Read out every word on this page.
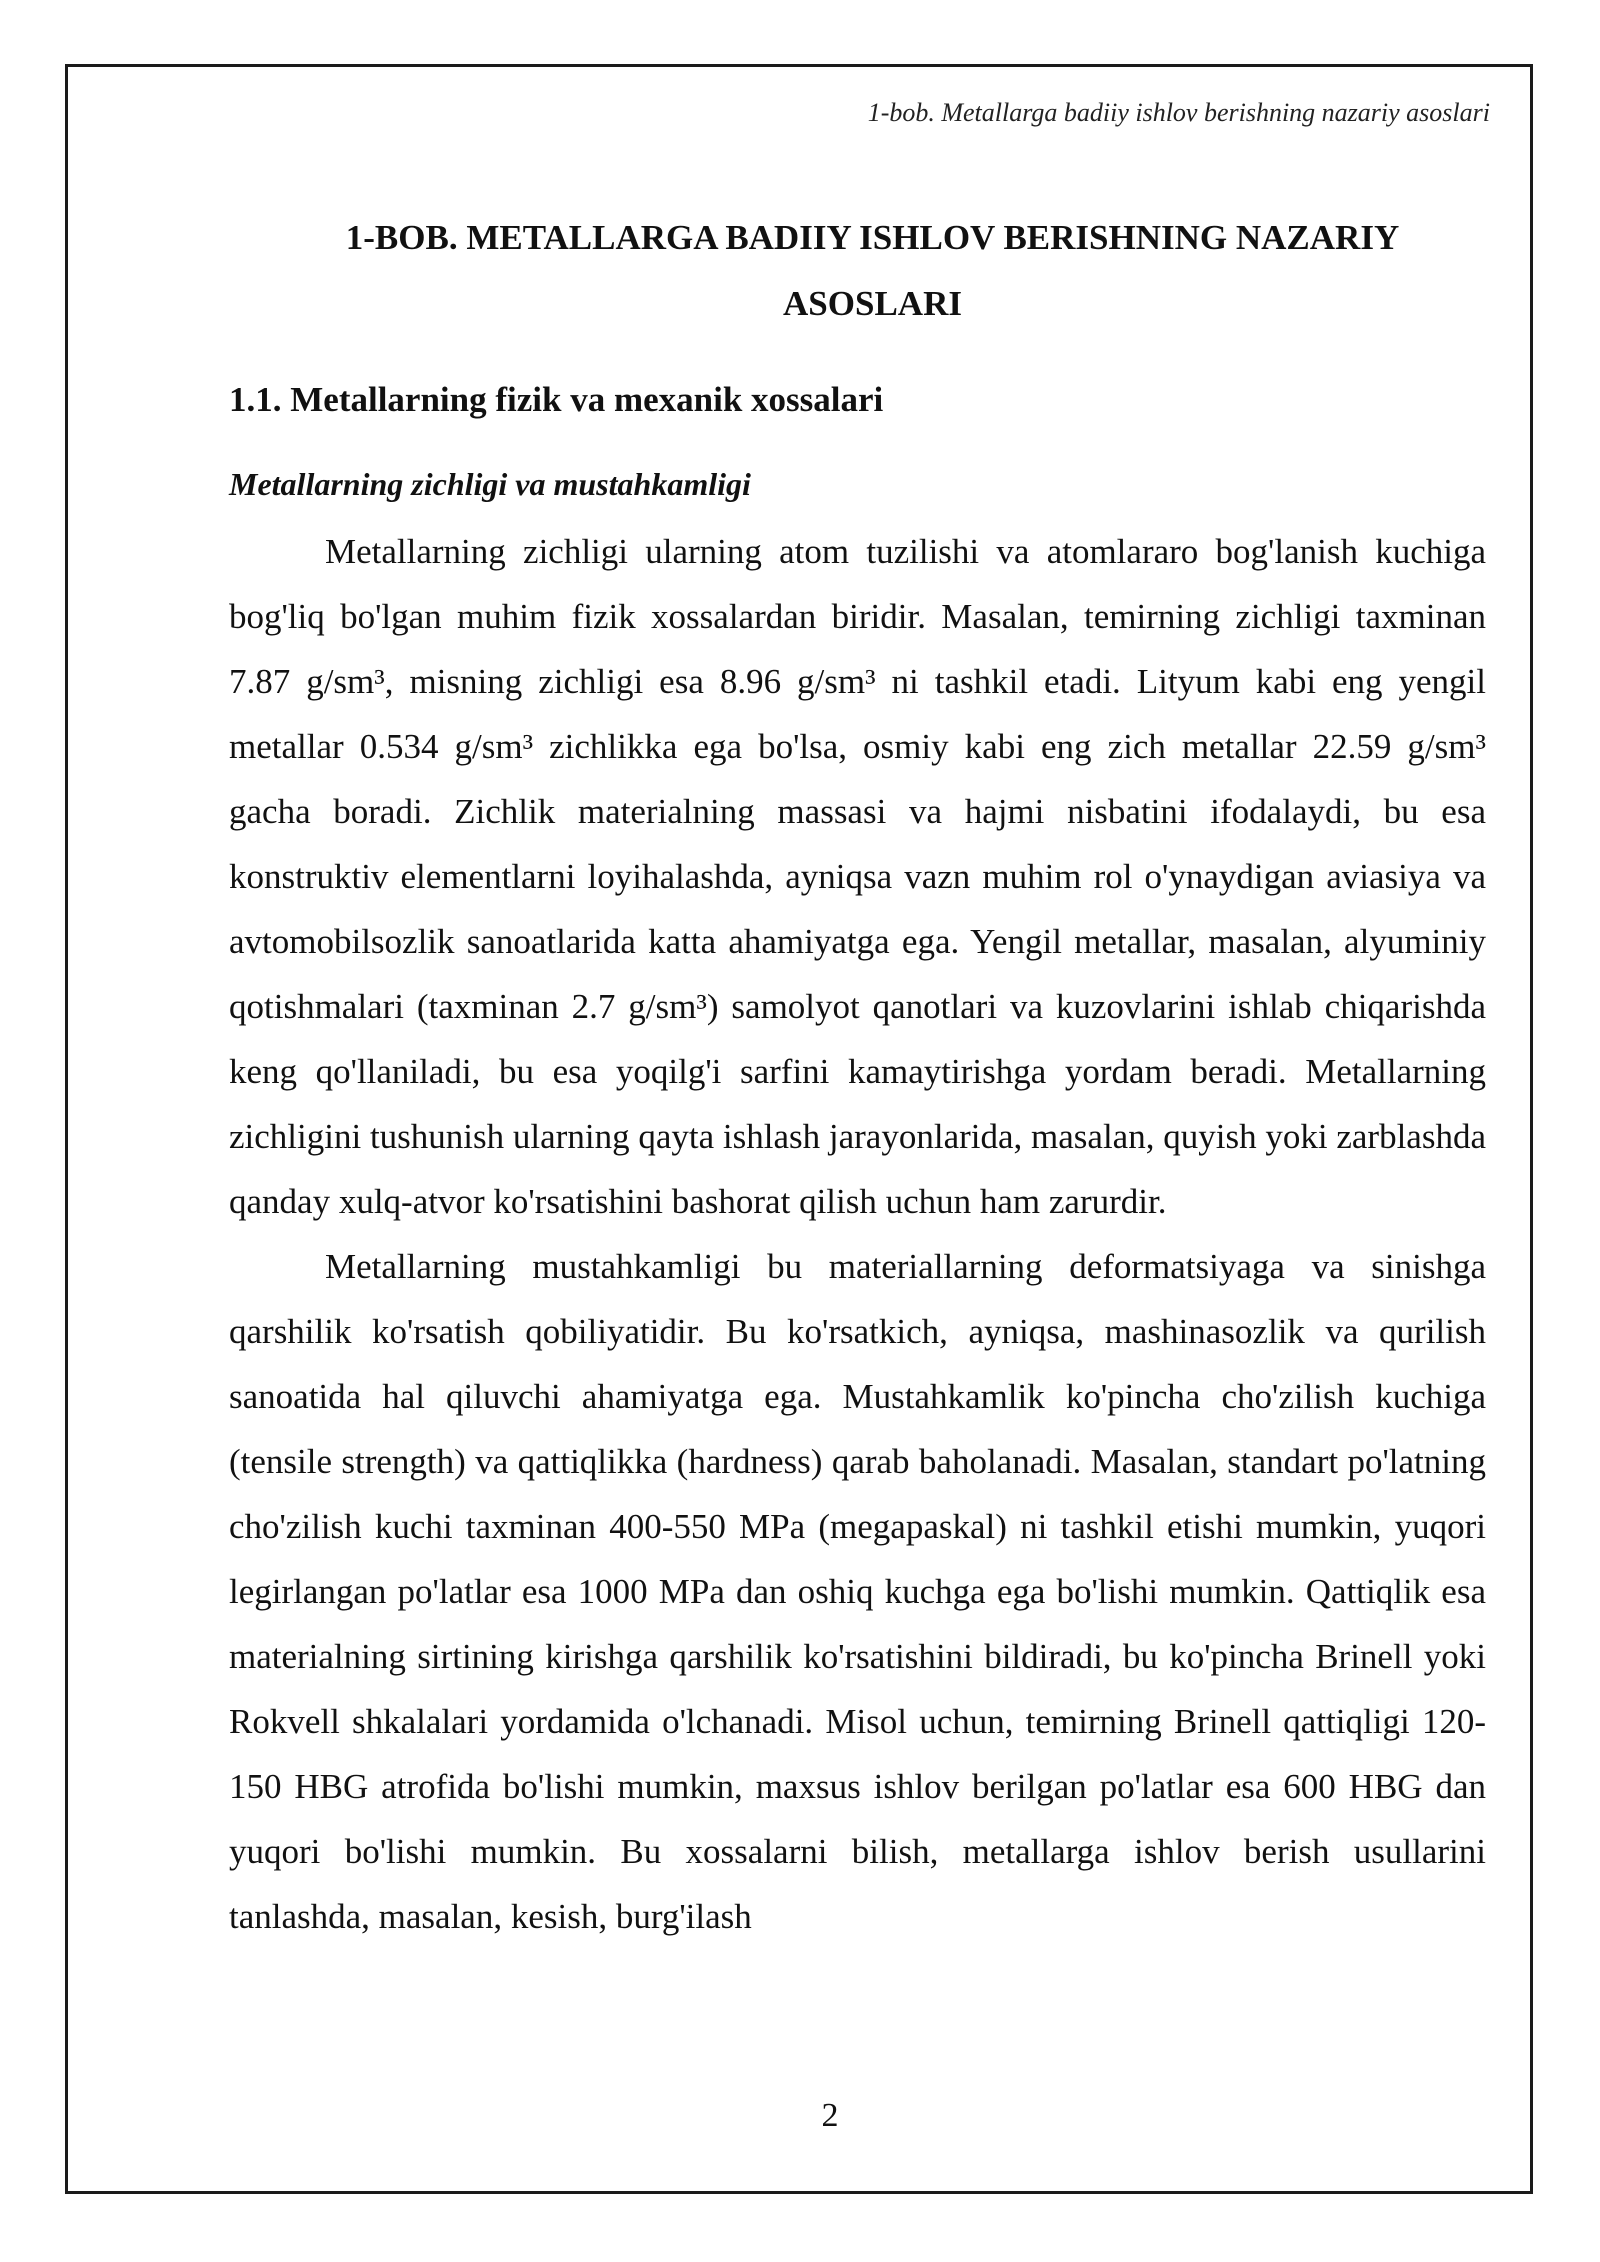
1-bob. Metallarga badiiy ishlov berishning nazariy asoslari
1-BOB. METALLARGA BADIIY ISHLOV BERISHNING NAZARIY ASOSLARI
1.1. Metallarning fizik va mexanik xossalari
Metallarning zichligi va mustahkamligi

Metallarning zichligi ularning atom tuzilishi va atomlararo bog'lanish kuchiga bog'liq bo'lgan muhim fizik xossalardan biridir. Masalan, temirning zichligi taxminan 7.87 g/sm³, misning zichligi esa 8.96 g/sm³ ni tashkil etadi. Lityum kabi eng yengil metallar 0.534 g/sm³ zichlikka ega bo'lsa, osmiy kabi eng zich metallar 22.59 g/sm³ gacha boradi. Zichlik materialning massasi va hajmi nisbatini ifodalaydi, bu esa konstruktiv elementlarni loyihalashda, ayniqsa vazn muhim rol o'ynaydigan aviasiya va avtomobilsozlik sanoatlarida katta ahamiyatga ega. Yengil metallar, masalan, alyuminiy qotishmalari (taxminan 2.7 g/sm³) samolyot qanotlari va kuzovlarini ishlab chiqarishda keng qo'llaniladi, bu esa yoqilg'i sarfini kamaytirishga yordam beradi. Metallarning zichligini tushunish ularning qayta ishlash jarayonlarida, masalan, quyish yoki zarblashda qanday xulq-atvor ko'rsatishini bashorat qilish uchun ham zarurdir.

Metallarning mustahkamligi bu materiallarning deformatsiyaga va sinishga qarshilik ko'rsatish qobiliyatidir. Bu ko'rsatkich, ayniqsa, mashinasozlik va qurilish sanoatida hal qiluvchi ahamiyatga ega. Mustahkamlik ko'pincha cho'zilish kuchiga (tensile strength) va qattiqlikka (hardness) qarab baholanadi. Masalan, standart po'latning cho'zilish kuchi taxminan 400-550 MPa (megapaskal) ni tashkil etishi mumkin, yuqori legirlangan po'latlar esa 1000 MPa dan oshiq kuchga ega bo'lishi mumkin. Qattiqlik esa materialning sirtining kirishga qarshilik ko'rsatishini bildiradi, bu ko'pincha Brinell yoki Rokvell shkalalari yordamida o'lchanadi. Misol uchun, temirning Brinell qattiqligi 120-150 HBG atrofida bo'lishi mumkin, maxsus ishlov berilgan po'latlar esa 600 HBG dan yuqori bo'lishi mumkin. Bu xossalarni bilish, metallarga ishlov berish usullarini tanlashda, masalan, kesish, burg'ilash

2
